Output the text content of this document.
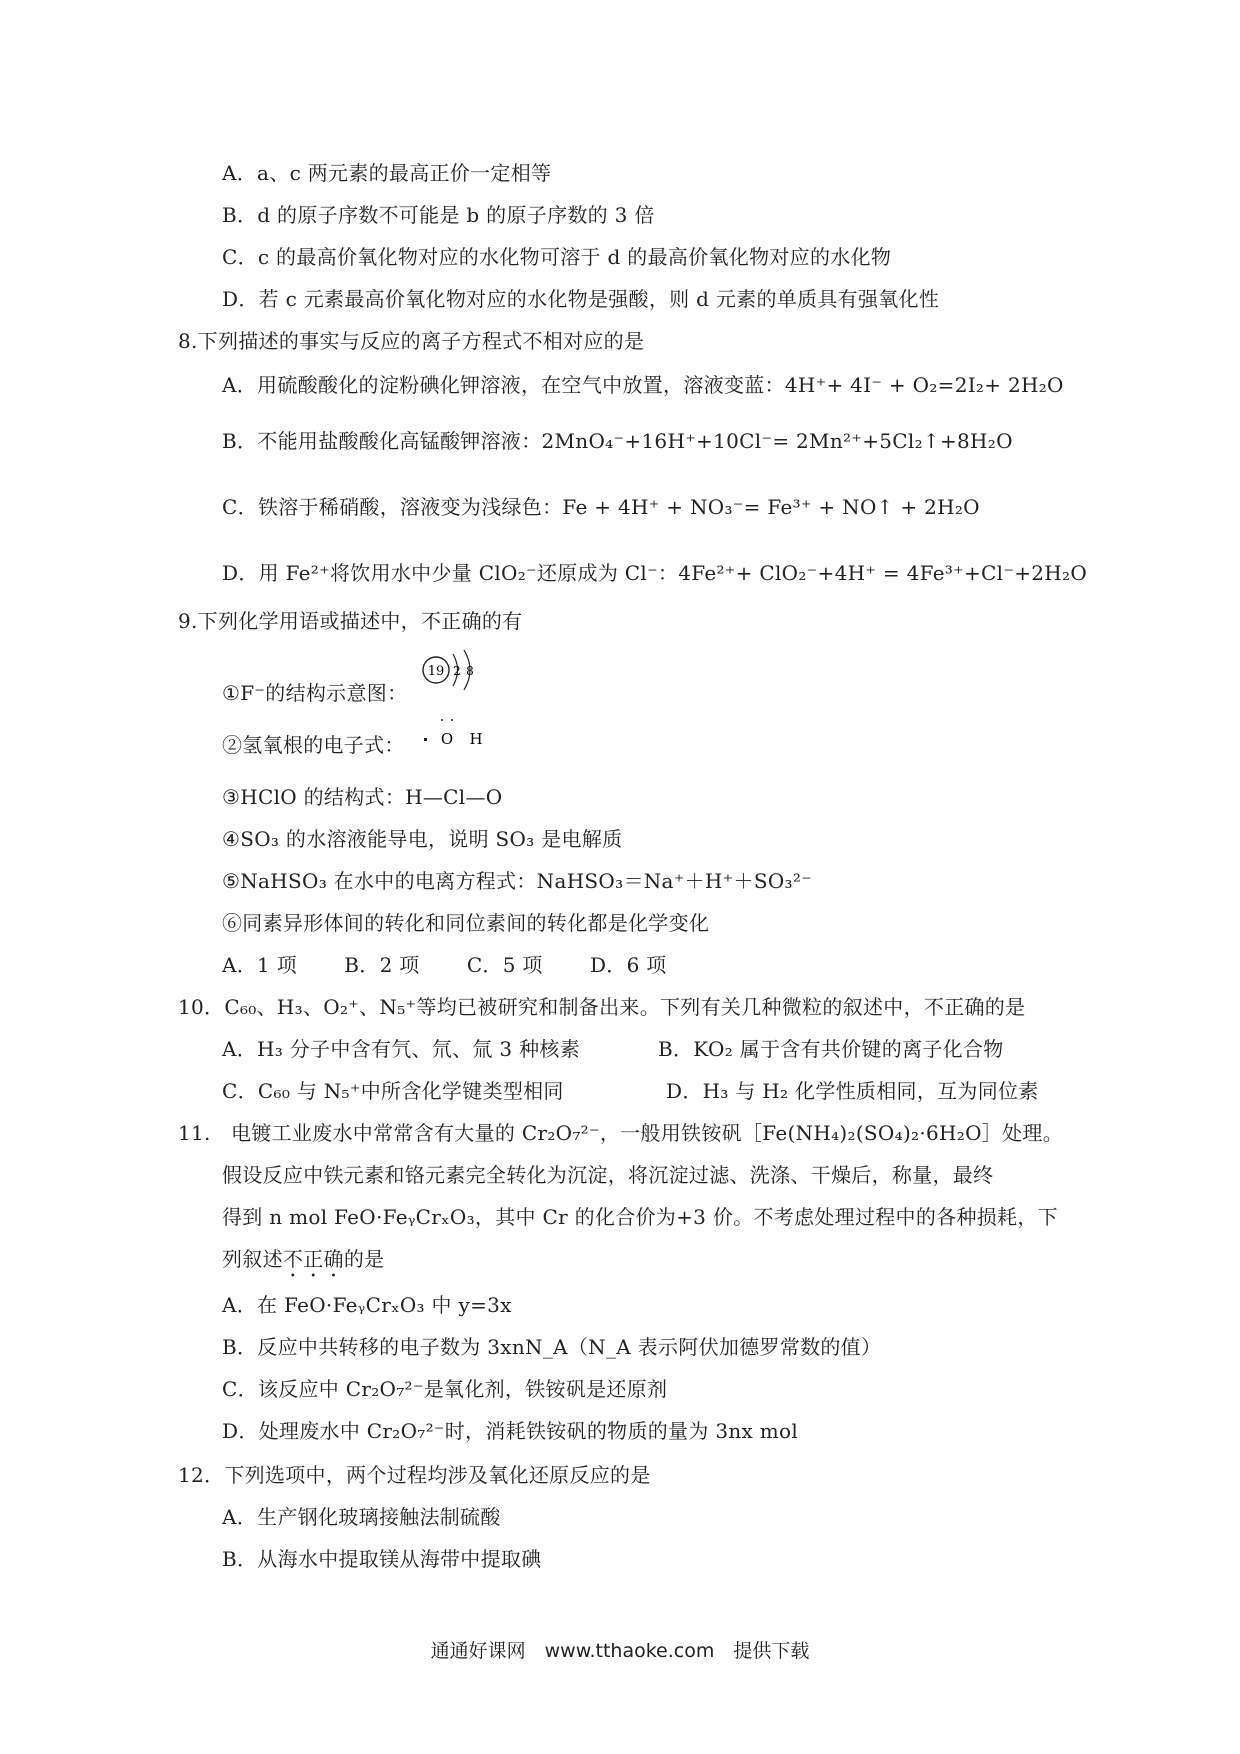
A．a、c 两元素的最高正价一定相等
B．d 的原子序数不可能是 b 的原子序数的 3 倍
C．c 的最高价氧化物对应的水化物可溶于 d 的最高价氧化物对应的水化物
D．若 c 元素最高价氧化物对应的水化物是强酸，则 d 元素的单质具有强氧化性
8.下列描述的事实与反应的离子方程式不相对应的是
A．用硫酸酸化的淀粉碘化钾溶液，在空气中放置，溶液变蓝：4H⁺+ 4I⁻ + O₂=2I₂+ 2H₂O
B．不能用盐酸酸化高锰酸钾溶液：2MnO₄⁻+16H⁺+10Cl⁻= 2Mn²⁺+5Cl₂↑+8H₂O
C．铁溶于稀硝酸，溶液变为浅绿色：Fe + 4H⁺ + NO₃⁻= Fe³⁺ + NO↑ + 2H₂O
D．用 Fe²⁺将饮用水中少量 ClO₂⁻还原成为 Cl⁻：4Fe²⁺+ ClO₂⁻+4H⁺ = 4Fe³⁺+Cl⁻+2H₂O
9.下列化学用语或描述中，不正确的有
①F⁻的结构示意图：
19 2 8
②氢氧根的电子式： O H
③HClO 的结构式：H—Cl—O
④SO₃ 的水溶液能导电，说明 SO₃ 是电解质
⑤NaHSO₃ 在水中的电离方程式：NaHSO₃＝Na⁺＋H⁺＋SO₃²⁻
⑥同素异形体间的转化和同位素间的转化都是化学变化
A．1 项　　 B．2 项　　 C．5 项　　 D．6 项
10．C₆₀、H₃、O₂⁺、N₅⁺等均已被研究和制备出来。下列有关几种微粒的叙述中，不正确的是
A．H₃ 分子中含有氕、氘、氚 3 种核素	B．KO₂ 属于含有共价键的离子化合物
C．C₆₀ 与 N₅⁺中所含化学键类型相同	D．H₃ 与 H₂ 化学性质相同，互为同位素
11.　电镀工业废水中常常含有大量的 Cr₂O₇²⁻，一般用铁铵矾［Fe(NH₄)₂(SO₄)₂·6H₂O］处理。
假设反应中铁元素和铬元素完全转化为沉淀，将沉淀过滤、洗涤、干燥后，称量，最终
得到 n mol FeO·FeᵧCrₓO₃，其中 Cr 的化合价为+3 价。不考虑处理过程中的各种损耗，下
列叙述不正确的是
A．在 FeO·FeᵧCrₓO₃ 中 y=3x
B．反应中共转移的电子数为 3xnN_A（N_A 表示阿伏加德罗常数的值）
C．该反应中 Cr₂O₇²⁻是氧化剂，铁铵矾是还原剂
D．处理废水中 Cr₂O₇²⁻时，消耗铁铵矾的物质的量为 3nx mol
12．下列选项中，两个过程均涉及氧化还原反应的是
A．生产钢化玻璃接触法制硫酸
B．从海水中提取镁从海带中提取碘
通通好课网　www.tthaoke.com　提供下载
